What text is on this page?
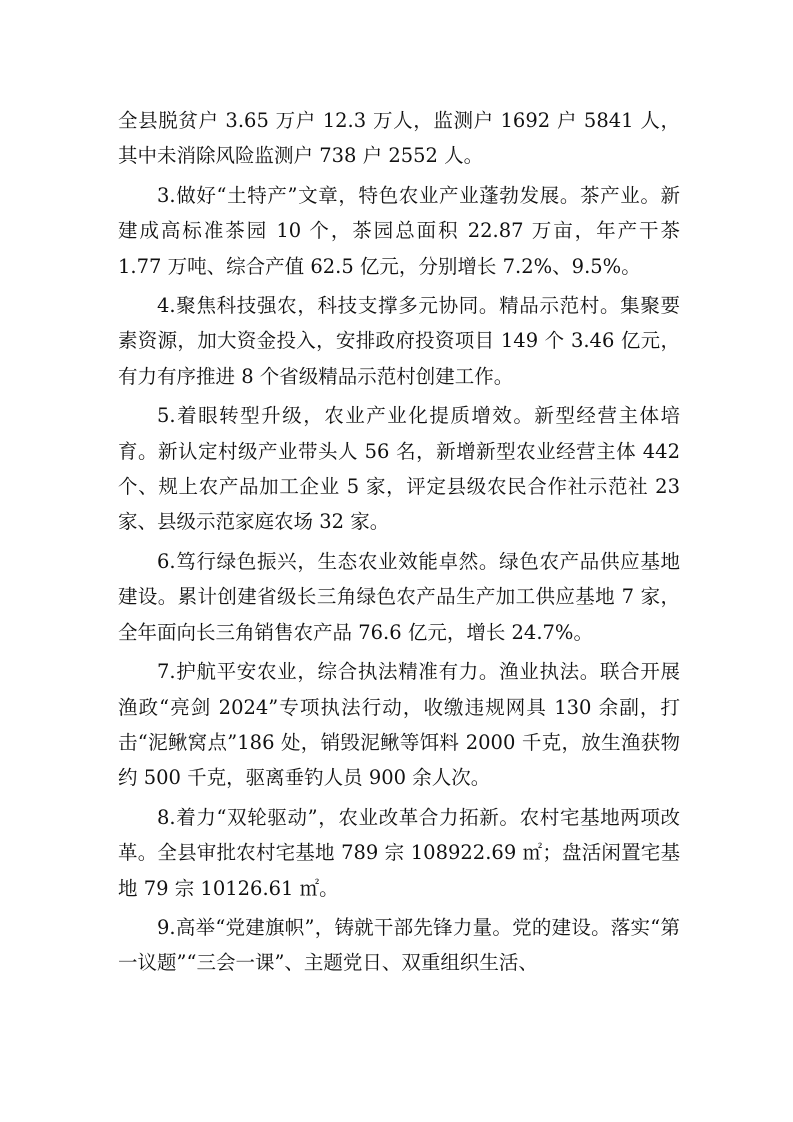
全县脱贫户 3.65 万户 12.3 万人，监测户 1692 户 5841 人，其中未消除风险监测户 738 户 2552 人。

3.做好“土特产”文章，特色农业产业蓬勃发展。茶产业。新建成高标准茶园 10 个，茶园总面积 22.87 万亩，年产干茶 1.77 万吨、综合产值 62.5 亿元，分别增长 7.2%、9.5%。

4.聚焦科技强农，科技支撑多元协同。精品示范村。集聚要素资源，加大资金投入，安排政府投资项目 149 个 3.46 亿元，有力有序推进 8 个省级精品示范村创建工作。

5.着眼转型升级，农业产业化提质增效。新型经营主体培育。新认定村级产业带头人 56 名，新增新型农业经营主体 442 个、规上农产品加工企业 5 家，评定县级农民合作社示范社 23 家、县级示范家庭农场 32 家。

6.笃行绿色振兴，生态农业效能卓然。绿色农产品供应基地建设。累计创建省级长三角绿色农产品生产加工供应基地 7 家，全年面向长三角销售农产品 76.6 亿元，增长 24.7%。

7.护航平安农业，综合执法精准有力。渔业执法。联合开展渔政“亮剑 2024”专项执法行动，收缴违规网具 130 余副，打击“泥鳅窝点”186 处，销毁泥鳅等饵料 2000 千克，放生渔获物约 500 千克，驱离垂钓人员 900 余人次。

8.着力“双轮驱动”，农业改革合力拓新。农村宅基地两项改革。全县审批农村宅基地 789 宗 108922.69 ㎡；盘活闲置宅基地 79 宗 10126.61 ㎡。

9.高举“党建旗帜”，铸就干部先锋力量。党的建设。落实“第一议题”“三会一课”、主题党日、双重组织生活、
